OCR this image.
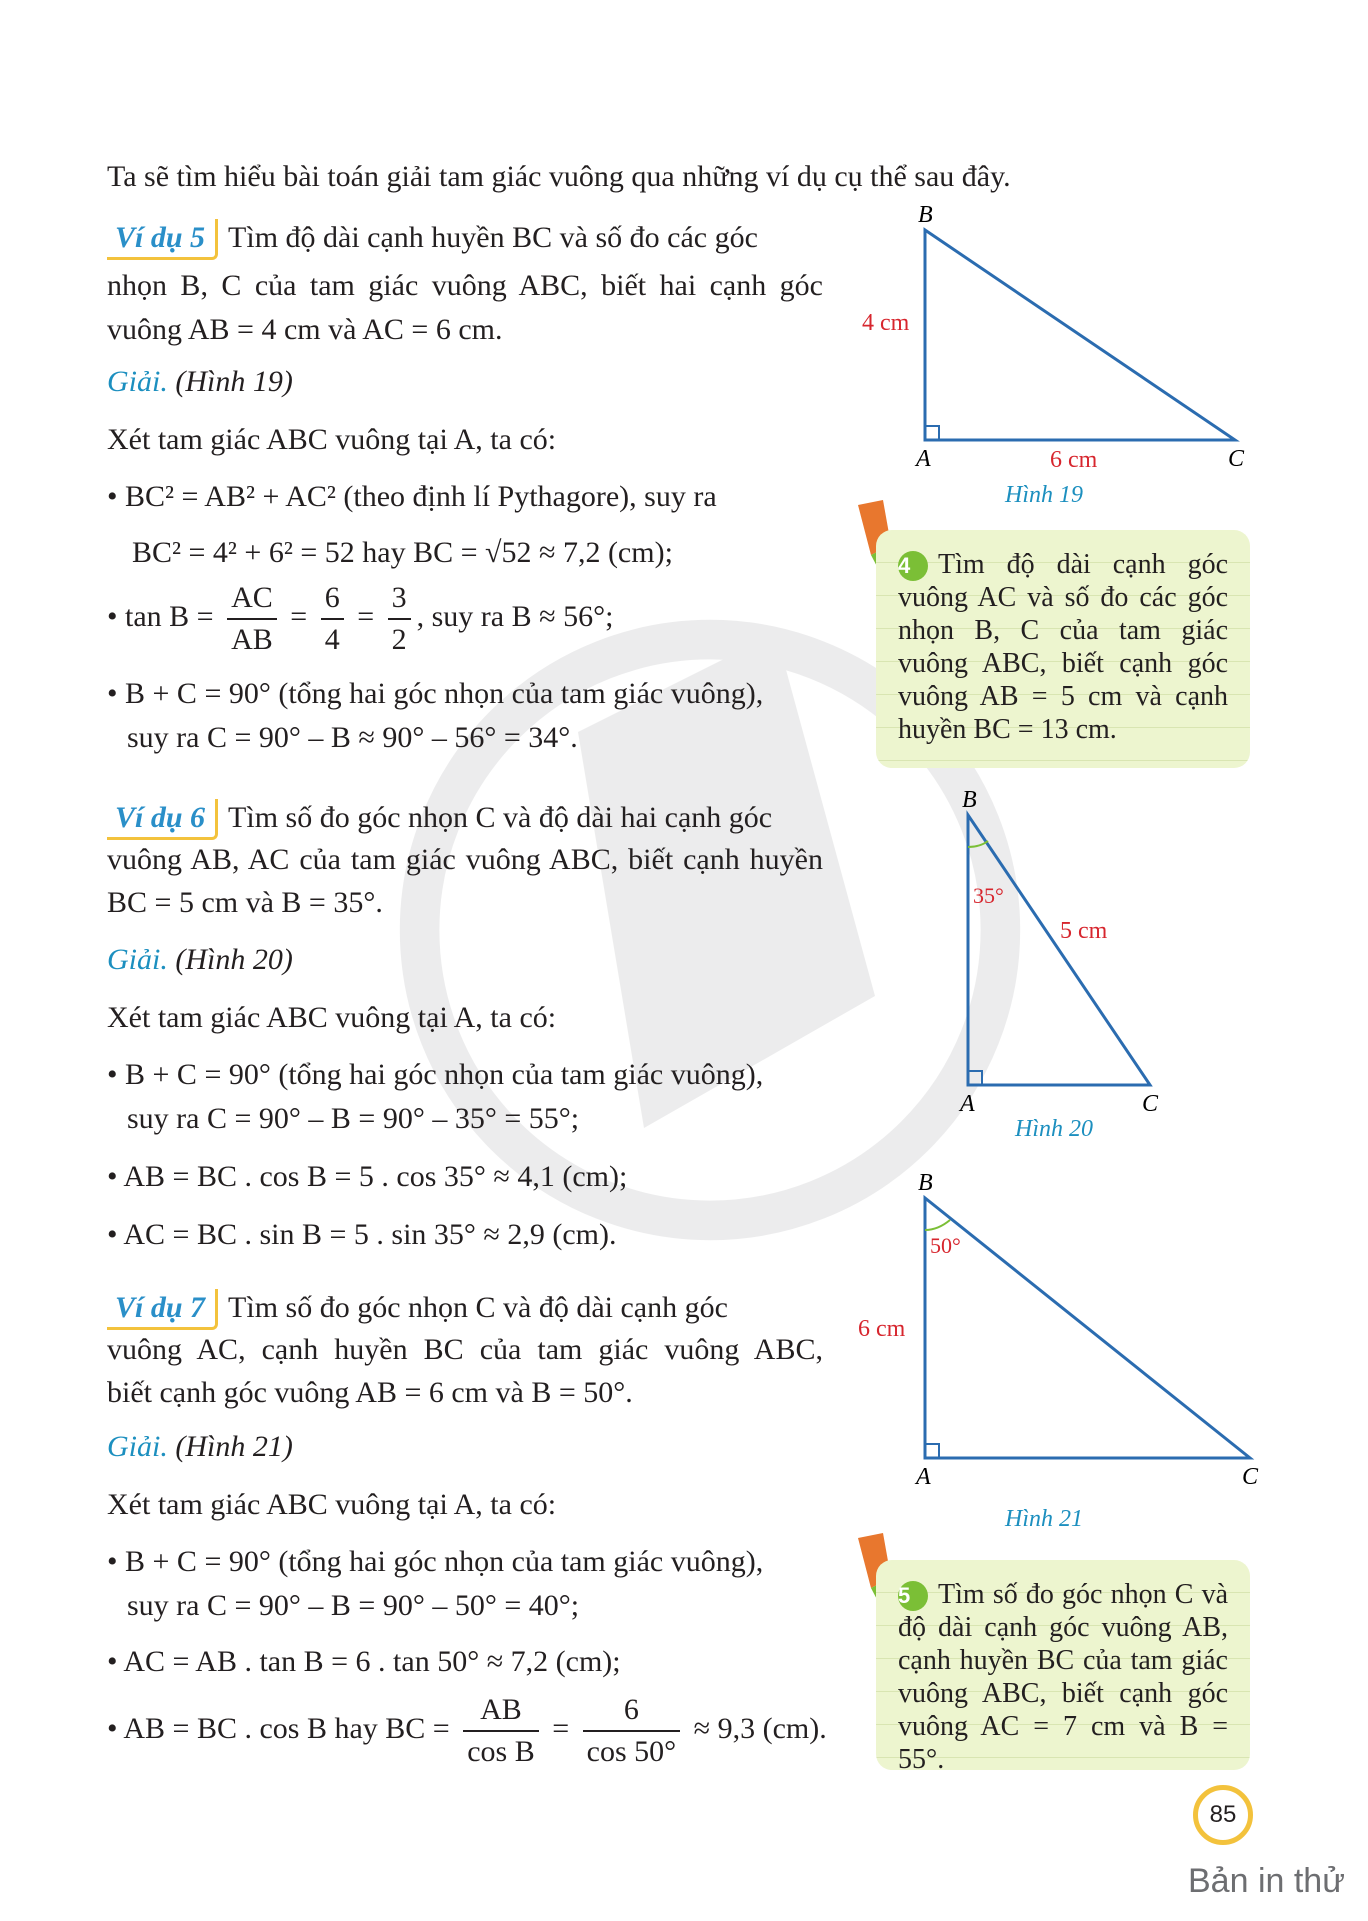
Ta sẽ tìm hiểu bài toán giải tam giác vuông qua những ví dụ cụ thể sau đây.
Ví dụ 5 Tìm độ dài cạnh huyền BC và số đo các góc
nhọn B, C của tam giác vuông ABC, biết hai cạnh góc
vuông AB = 4 cm và AC = 6 cm.
Giải. (Hình 19)
Xét tam giác ABC vuông tại A, ta có:
• BC² = AB² + AC² (theo định lí Pythagore), suy ra
BC² = 4² + 6² = 52 hay BC = √52 ≈ 7,2 (cm);
• $\tan B = \frac{AC}{AB} = \frac{6}{4} = \frac{3}{2}$ , suy ra B ≈ 56°;
• B + C = 90° (tổng hai góc nhọn của tam giác vuông),
suy ra C = 90° – B ≈ 90° – 56° = 34°.
Ví dụ 6 Tìm số đo góc nhọn C và độ dài hai cạnh góc
vuông AB, AC của tam giác vuông ABC, biết cạnh huyền
BC = 5 cm và B = 35°.
Giải. (Hình 20)
Xét tam giác ABC vuông tại A, ta có:
• B + C = 90° (tổng hai góc nhọn của tam giác vuông),
suy ra C = 90° – B = 90° – 35° = 55°;
• AB = BC . cos B = 5 . cos 35° ≈ 4,1 (cm);
• AC = BC . sin B = 5 . sin 35° ≈ 2,9 (cm).
Ví dụ 7 Tìm số đo góc nhọn C và độ dài cạnh góc
vuông AC, cạnh huyền BC của tam giác vuông ABC,
biết cạnh góc vuông AB = 6 cm và B = 50°.
Giải. (Hình 21)
Xét tam giác ABC vuông tại A, ta có:
• B + C = 90° (tổng hai góc nhọn của tam giác vuông),
suy ra C = 90° – B = 90° – 50° = 40°;
• AC = AB . tan B = 6 . tan 50° ≈ 7,2 (cm);
• AB = BC . cos B hay BC = $\frac{AB}{\text{cos B}} = \frac{6}{\cos 50^\circ} \approx 9,3$ (cm).
B
A	C
4 cm
6 cm
Hình 19
4 Tìm độ dài cạnh góc vuông AC và số đo các góc nhọn B, C của tam giác vuông ABC, biết cạnh góc vuông AB = 5 cm và cạnh huyền BC = 13 cm.
B
A	C
35°
5 cm
Hình 20
B
A	C
50°
6 cm
Hình 21
5 Tìm số đo góc nhọn C và độ dài cạnh góc vuông AB, cạnh huyền BC của tam giác vuông ABC, biết cạnh góc vuông AC = 7 cm và B = 55°.
85
Bản in thử
